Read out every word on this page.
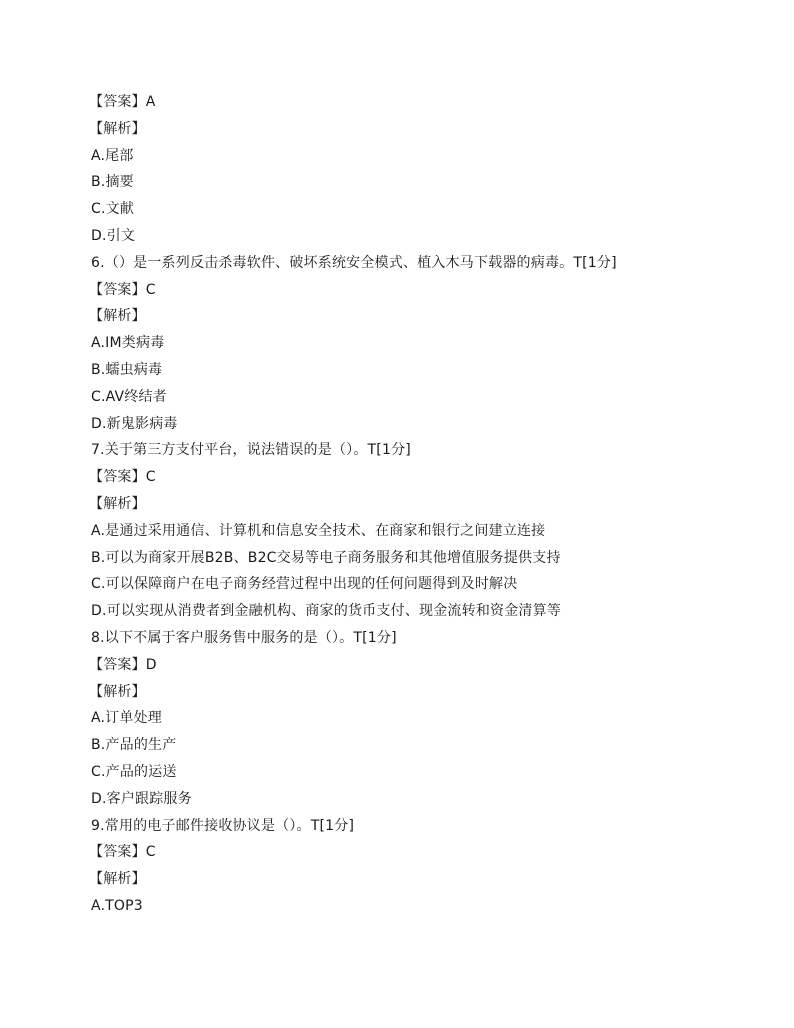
【答案】A
【解析】
A.尾部
B.摘要
C.文献
D.引文
6.（）是一系列反击杀毒软件、破坏系统安全模式、植入木马下载器的病毒。T[1分]
【答案】C
【解析】
A.IM类病毒
B.蠕虫病毒
C.AV终结者
D.新鬼影病毒
7.关于第三方支付平台，说法错误的是（）。T[1分]
【答案】C
【解析】
A.是通过采用通信、计算机和信息安全技术、在商家和银行之间建立连接
B.可以为商家开展B2B、B2C交易等电子商务服务和其他增值服务提供支持
C.可以保障商户在电子商务经营过程中出现的任何问题得到及时解决
D.可以实现从消费者到金融机构、商家的货币支付、现金流转和资金清算等
8.以下不属于客户服务售中服务的是（）。T[1分]
【答案】D
【解析】
A.订单处理
B.产品的生产
C.产品的运送
D.客户跟踪服务
9.常用的电子邮件接收协议是（）。T[1分]
【答案】C
【解析】
A.TOP3
